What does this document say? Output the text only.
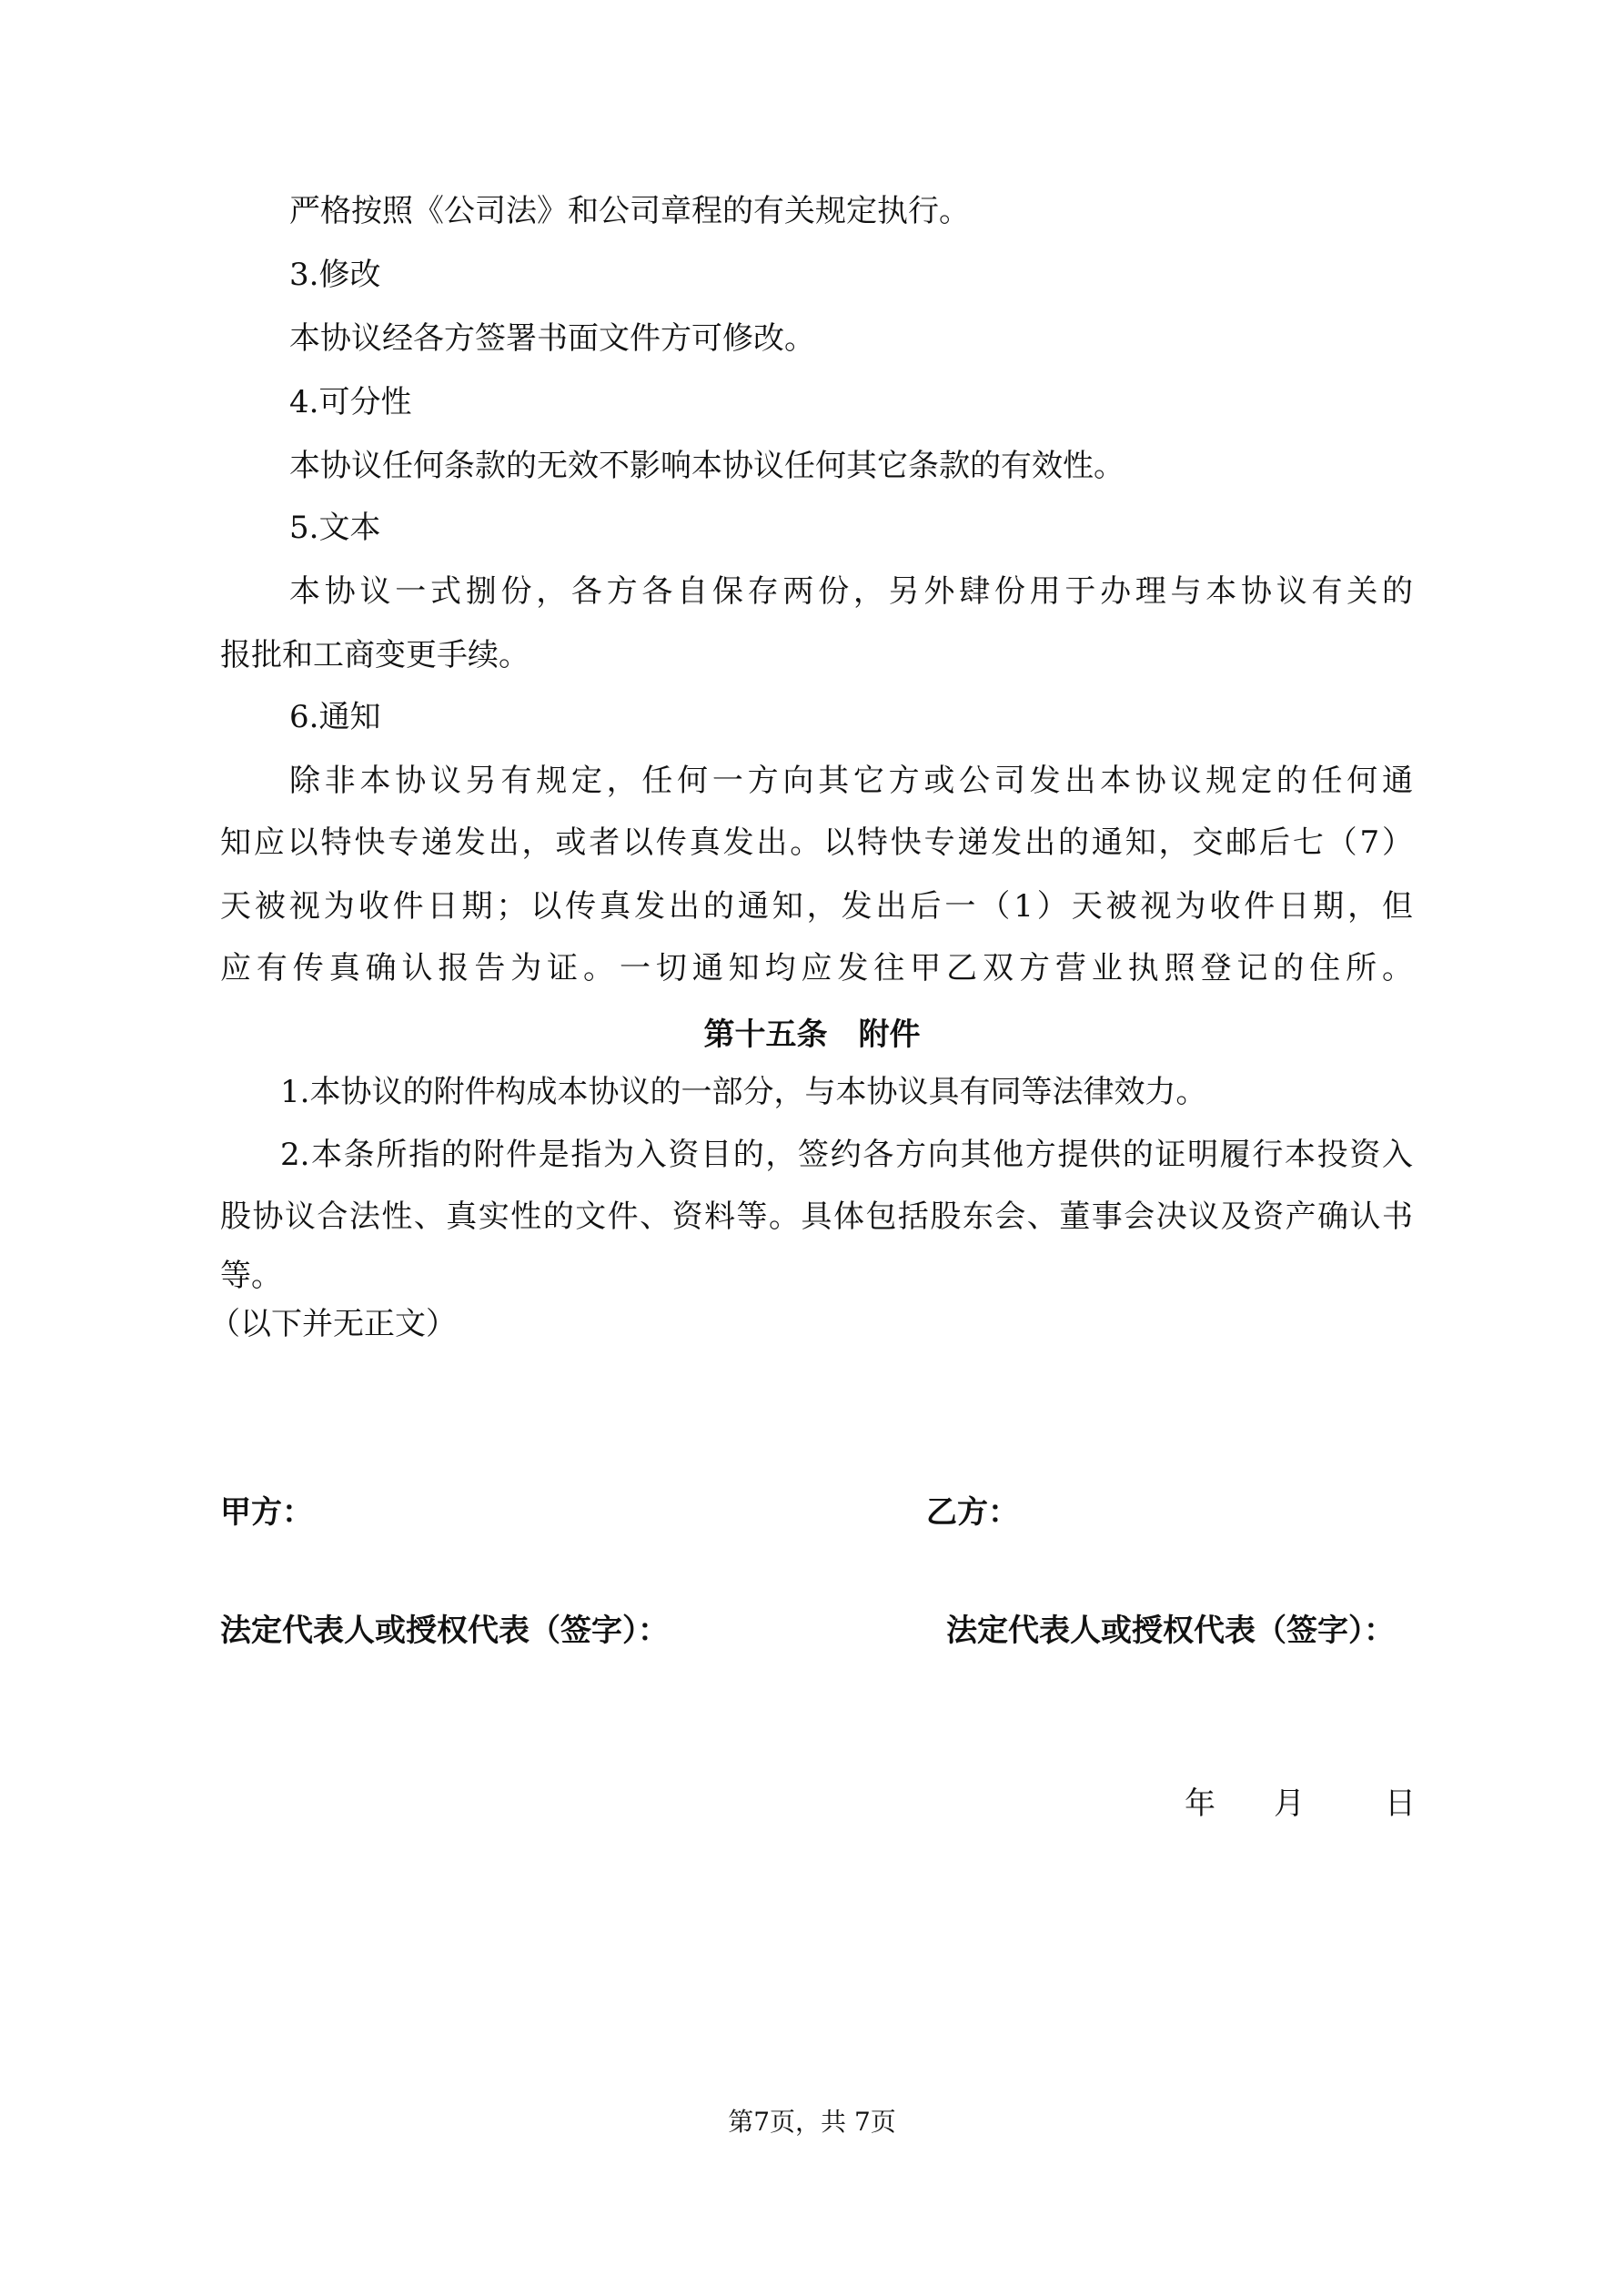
严格按照《公司法》和公司章程的有关规定执行。
3.修改
本协议经各方签署书面文件方可修改。
4.可分性
本协议任何条款的无效不影响本协议任何其它条款的有效性。
5.文本
本协议一式捌份，各方各自保存两份，另外肆份用于办理与本协议有关的
报批和工商变更手续。
6.通知
除非本协议另有规定，任何一方向其它方或公司发出本协议规定的任何通
知应以特快专递发出，或者以传真发出。以特快专递发出的通知，交邮后七（7）
天被视为收件日期；以传真发出的通知，发出后一（1）天被视为收件日期，但
应有传真确认报告为证。一切通知均应发往甲乙双方营业执照登记的住所。
第十五条　附件
1.本协议的附件构成本协议的一部分，与本协议具有同等法律效力。
2.本条所指的附件是指为入资目的，签约各方向其他方提供的证明履行本投资入
股协议合法性、真实性的文件、资料等。具体包括股东会、董事会决议及资产确认书
等。
（以下并无正文）
甲方：	乙方：
法定代表人或授权代表（签字）：	法定代表人或授权代表（签字）：
年	月	日
第7页，共 7页
